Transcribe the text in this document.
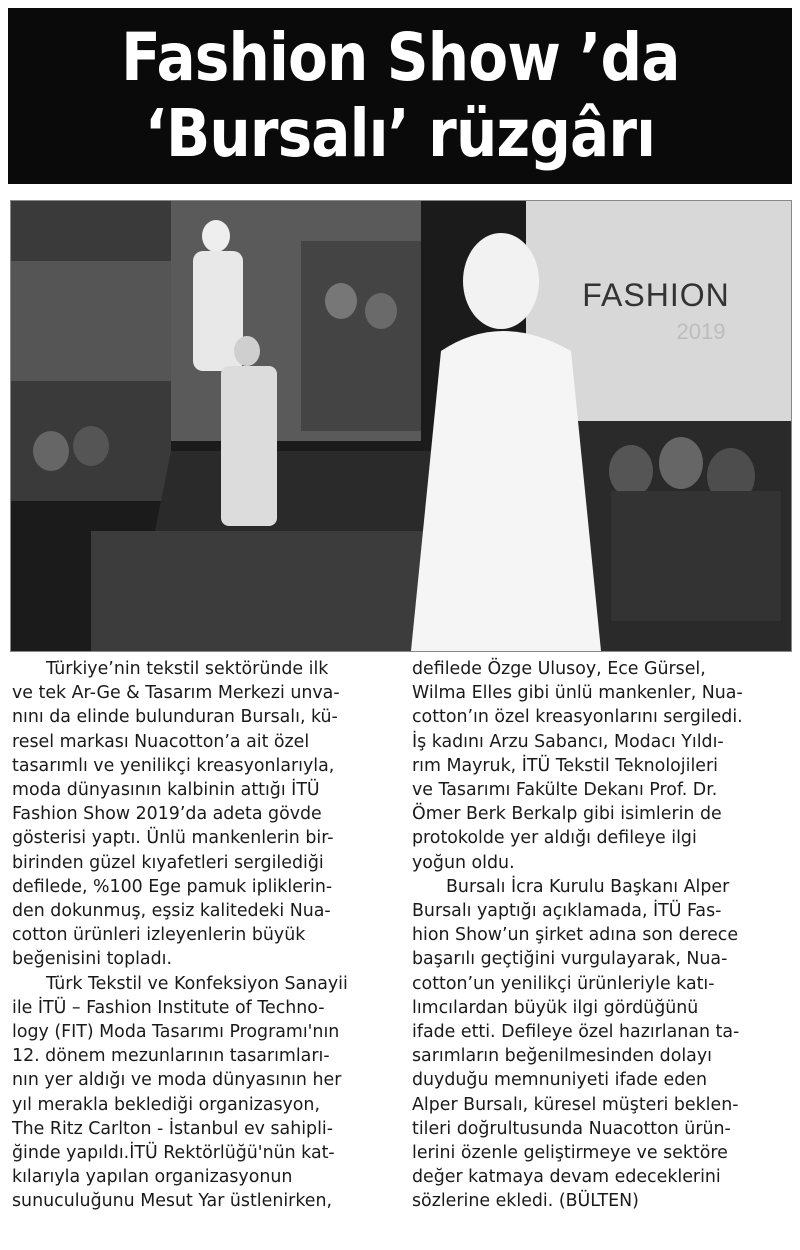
Fashion Show ’da
‘Bursalı’ rüzgârı
FASHION
2019

Türkiye’nin tekstil sektöründe ilk
ve tek Ar-Ge & Tasarım Merkezi unva-
nını da elinde bulunduran Bursalı, kü-
resel markası Nuacotton’a ait özel
tasarımlı ve yenilikçi kreasyonlarıyla,
moda dünyasının kalbinin attığı İTÜ
Fashion Show 2019’da adeta gövde
gösterisi yaptı. Ünlü mankenlerin bir-
birinden güzel kıyafetleri sergilediği
defilede, %100 Ege pamuk ipliklerin-
den dokunmuş, eşsiz kalitedeki Nua-
cotton ürünleri izleyenlerin büyük
beğenisini topladı.

Türk Tekstil ve Konfeksiyon Sanayii
ile İTÜ – Fashion Institute of Techno-
logy (FIT) Moda Tasarımı Programı'nın
12. dönem mezunlarının tasarımları-
nın yer aldığı ve moda dünyasının her
yıl merakla beklediği organizasyon,
The Ritz Carlton - İstanbul ev sahipli-
ğinde yapıldı.İTÜ Rektörlüğü'nün kat-
kılarıyla yapılan organizasyonun
sunuculuğunu Mesut Yar üstlenirken,

defilede Özge Ulusoy, Ece Gürsel,
Wilma Elles gibi ünlü mankenler, Nua-
cotton’ın özel kreasyonlarını sergiledi.
İş kadını Arzu Sabancı, Modacı Yıldı-
rım Mayruk, İTÜ Tekstil Teknolojileri
ve Tasarımı Fakülte Dekanı Prof. Dr.
Ömer Berk Berkalp gibi isimlerin de
protokolde yer aldığı defileye ilgi
yoğun oldu.

Bursalı İcra Kurulu Başkanı Alper
Bursalı yaptığı açıklamada, İTÜ Fas-
hion Show’un şirket adına son derece
başarılı geçtiğini vurgulayarak, Nua-
cotton’un yenilikçi ürünleriyle katı-
lımcılardan büyük ilgi gördüğünü
ifade etti. Defileye özel hazırlanan ta-
sarımların beğenilmesinden dolayı
duyduğu memnuniyeti ifade eden
Alper Bursalı, küresel müşteri beklen-
tileri doğrultusunda Nuacotton ürün-
lerini özenle geliştirmeye ve sektöre
değer katmaya devam edeceklerini
sözlerine ekledi. (BÜLTEN)
